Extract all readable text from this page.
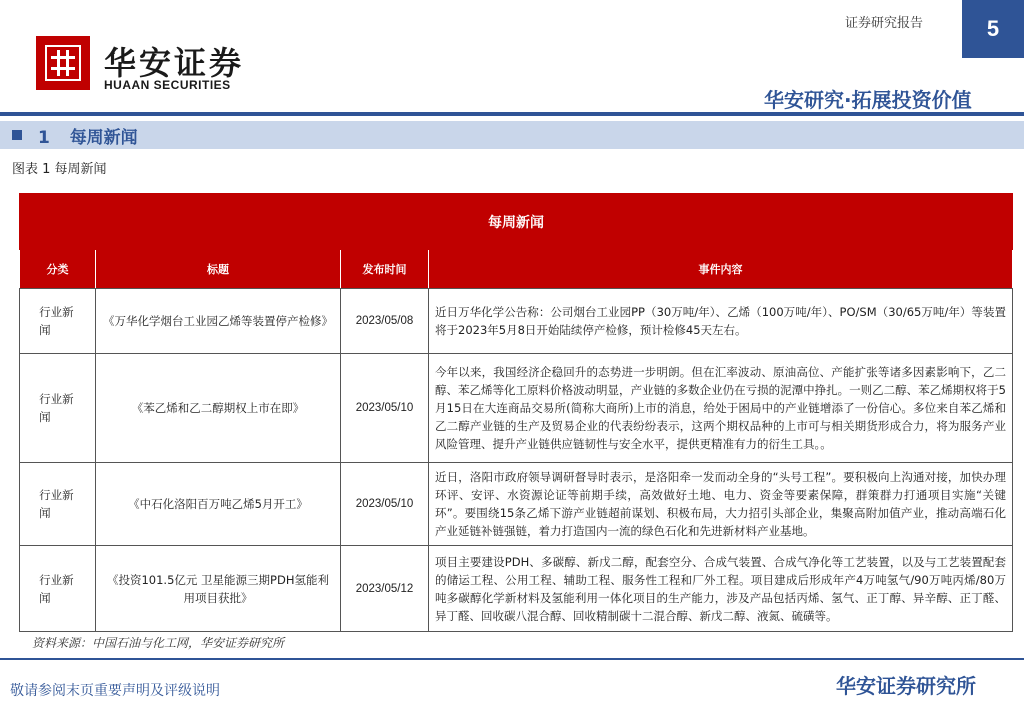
华安证券
HUAAN SECURITIES
证券研究报告	5
华安研究·拓展投资价值
1 每周新闻
图表 1 每周新闻
每周新闻			
分类	标题	发布时间	事件内容

行业新闻	《万华化学烟台工业园乙烯等装置停产检修》	2023/05/08	近日万华化学公告称：公司烟台工业园PP（30万吨/年）、乙烯（100万吨/年）、PO/SM（30/65万吨/年）等装置将于2023年5月8日开始陆续停产检修，预计检修45天左右。

行业新闻	《苯乙烯和乙二醇期权上市在即》	2023/05/10	今年以来，我国经济企稳回升的态势进一步明朗。但在汇率波动、原油高位、产能扩张等诸多因素影响下，乙二醇、苯乙烯等化工原料价格波动明显，产业链的多数企业仍在亏损的泥潭中挣扎。一则乙二醇、苯乙烯期权将于5月15日在大连商品交易所(简称大商所)上市的消息，给处于困局中的产业链增添了一份信心。多位来自苯乙烯和乙二醇产业链的生产及贸易企业的代表纷纷表示，这两个期权品种的上市可与相关期货形成合力，将为服务产业风险管理、提升产业链供应链韧性与安全水平，提供更精准有力的衍生工具。。

行业新闻	《中石化洛阳百万吨乙烯5月开工》	2023/05/10	近日，洛阳市政府领导调研督导时表示，是洛阳牵一发而动全身的“头号工程”。要积极向上沟通对接，加快办理环评、安评、水资源论证等前期手续，高效做好土地、电力、资金等要素保障，群策群力打通项目实施“关键环”。要围绕15条乙烯下游产业链超前谋划、积极布局，大力招引头部企业，集聚高附加值产业，推动高端石化产业延链补链强链，着力打造国内一流的绿色石化和先进新材料产业基地。

行业新闻	《投资101.5亿元 卫星能源三期PDH氢能利用项目获批》	2023/05/12	项目主要建设PDH、多碳醇、新戊二醇，配套空分、合成气装置、合成气净化等工艺装置，以及与工艺装置配套的储运工程、公用工程、辅助工程、服务性工程和厂外工程。项目建成后形成年产4万吨氢气/90万吨丙烯/80万吨多碳醇化学新材料及氢能利用一体化项目的生产能力，涉及产品包括丙烯、氢气、正丁醇、异辛醇、正丁醛、异丁醛、回收碳八混合醇、回收精制碳十二混合醇、新戊二醇、液氮、硫磺等。
资料来源：中国石油与化工网，华安证券研究所
敬请参阅末页重要声明及评级说明	华安证券研究所
